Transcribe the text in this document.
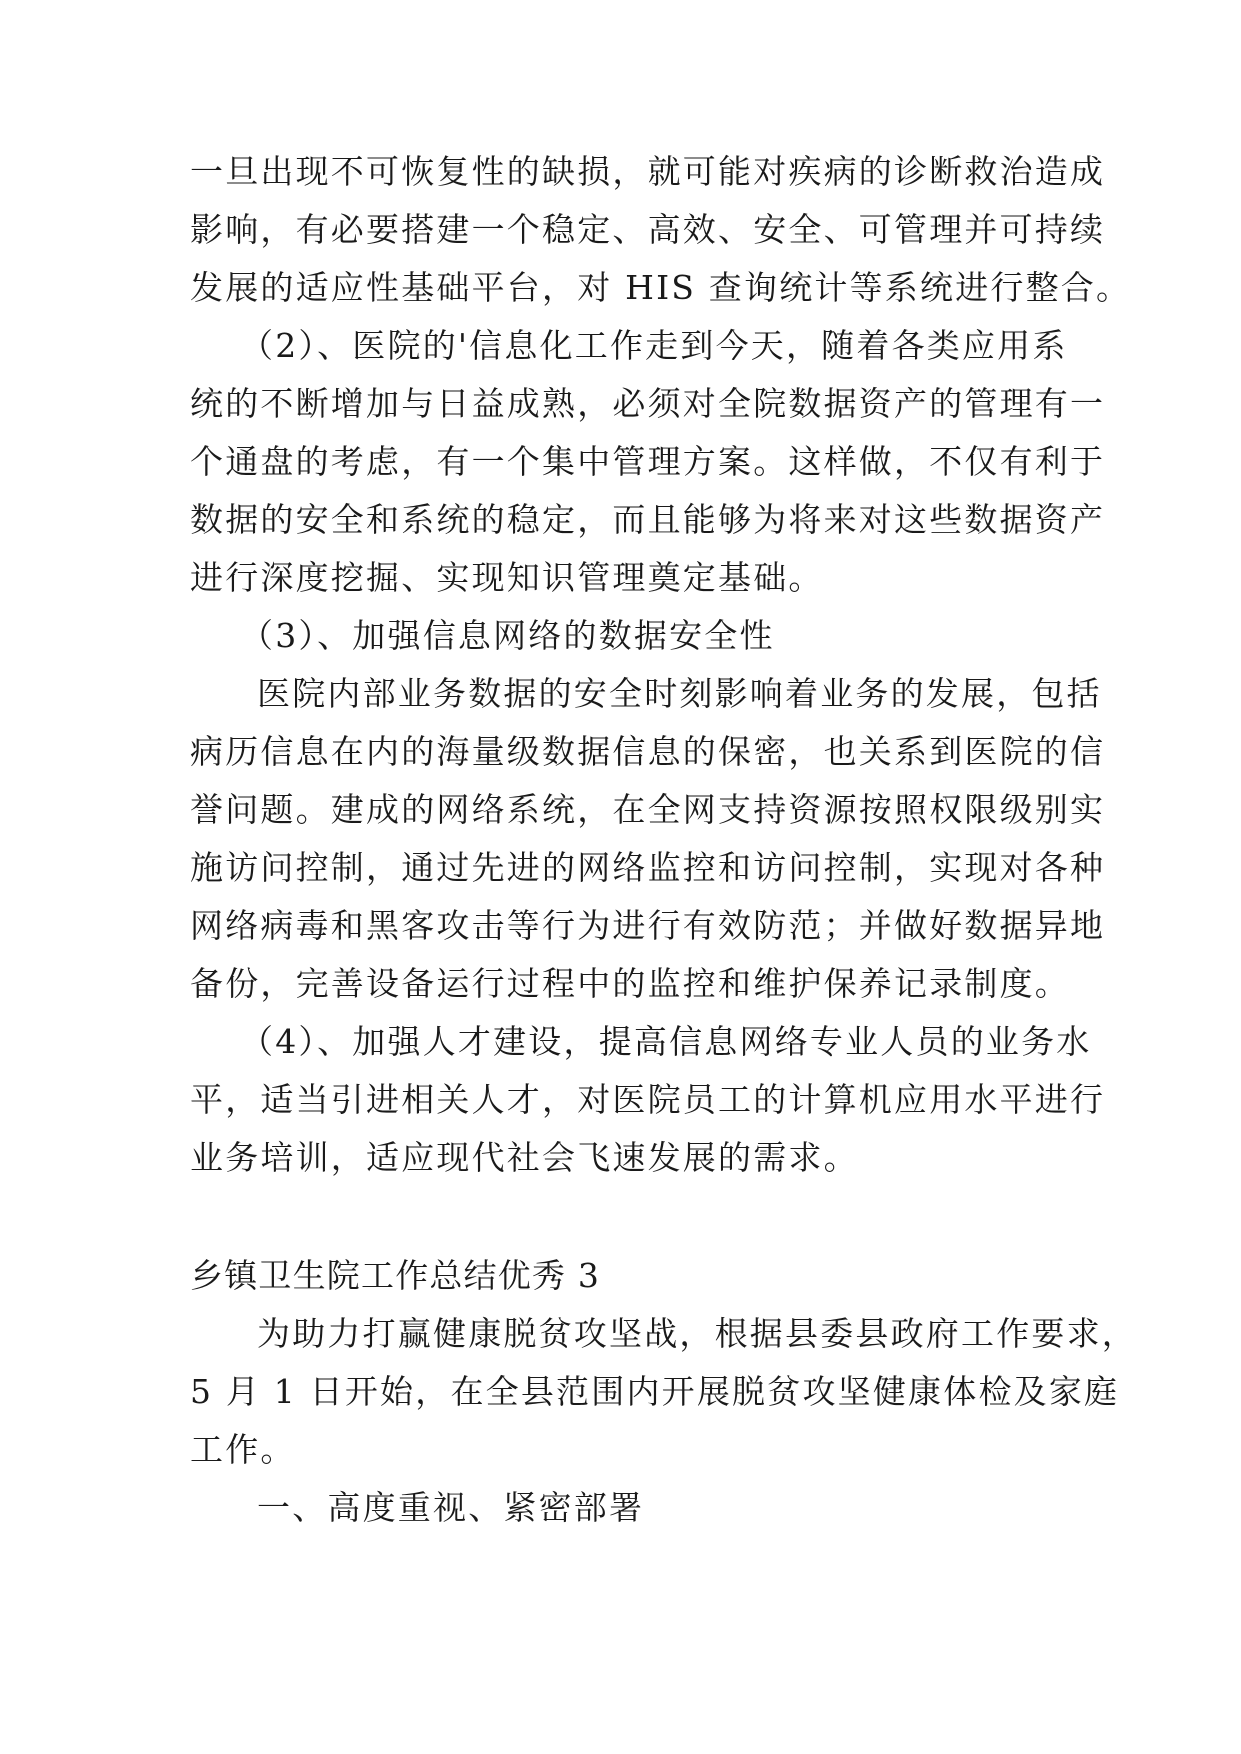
一旦出现不可恢复性的缺损，就可能对疾病的诊断救治造成
影响，有必要搭建一个稳定、高效、安全、可管理并可持续
发展的适应性基础平台，对 HIS 查询统计等系统进行整合。
（2）、医院的'信息化工作走到今天，随着各类应用系
统的不断增加与日益成熟，必须对全院数据资产的管理有一
个通盘的考虑，有一个集中管理方案。这样做，不仅有利于
数据的安全和系统的稳定，而且能够为将来对这些数据资产
进行深度挖掘、实现知识管理奠定基础。
（3）、加强信息网络的数据安全性
医院内部业务数据的安全时刻影响着业务的发展，包括
病历信息在内的海量级数据信息的保密，也关系到医院的信
誉问题。建成的网络系统，在全网支持资源按照权限级别实
施访问控制，通过先进的网络监控和访问控制，实现对各种
网络病毒和黑客攻击等行为进行有效防范；并做好数据异地
备份，完善设备运行过程中的监控和维护保养记录制度。
（4）、加强人才建设，提高信息网络专业人员的业务水
平，适当引进相关人才，对医院员工的计算机应用水平进行
业务培训，适应现代社会飞速发展的需求。
乡镇卫生院工作总结优秀 3
为助力打赢健康脱贫攻坚战，根据县委县政府工作要求，
5 月 1 日开始，在全县范围内开展脱贫攻坚健康体检及家庭
工作。
一、高度重视、紧密部署
